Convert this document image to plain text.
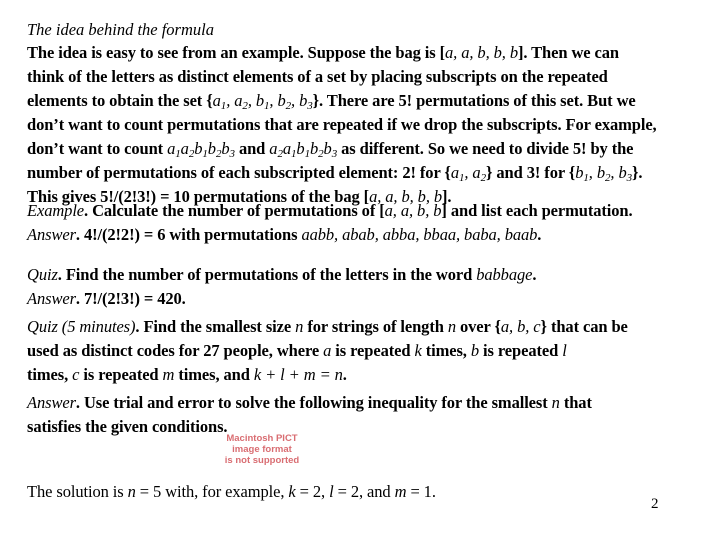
The idea behind the formula
The idea is easy to see from an example. Suppose the bag is [a, a, b, b, b]. Then we can
think of the letters as distinct elements of a set by placing subscripts on the repeated
elements to obtain the set {$a_1$, $a_2$, $b_1$, $b_2$, $b_3$}. There are 5! permutations of this set. But we
don’t want to count permutations that are repeated if we drop the subscripts. For example,
don’t want to count $a_1a_2b_1b_2b_3$ and $a_2a_1b_1b_2b_3$ as different. So we need to divide 5! by the
number of permutations of each subscripted element: 2! for {$a_1$, $a_2$} and 3! for {$b_1$, $b_2$, $b_3$}.
This gives 5!/(2!3!) = 10 permutations of the bag [a, a, b, b, b].
Example. Calculate the number of permutations of [a, a, b, b] and list each permutation.
Answer. 4!/(2!2!) = 6 with permutations aabb, abab, abba, bbaa, baba, baab.
Quiz. Find the number of permutations of the letters in the word babbage.
Answer. 7!/(2!3!) = 420.
Quiz (5 minutes). Find the smallest size n for strings of length n over {a, b, c} that can be
used as distinct codes for 27 people, where a is repeated k times, b is repeated l
times, c is repeated m times, and k + l + m = n.
Answer. Use trial and error to solve the following inequality for the smallest n that
satisfies the given conditions.
Macintosh PICT
image format
is not supported
The solution is n = 5 with, for example, k = 2, l = 2, and m = 1.
2
